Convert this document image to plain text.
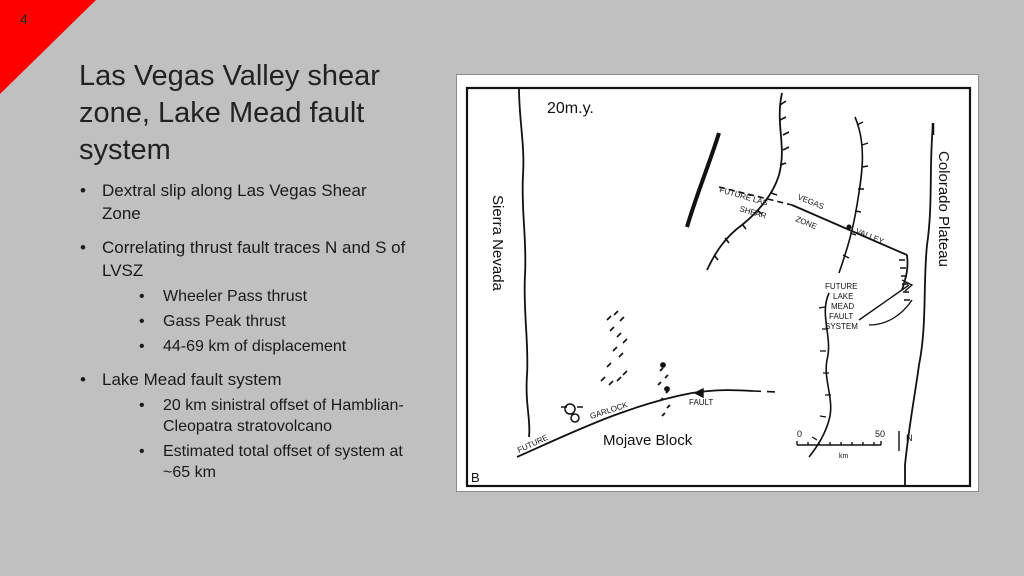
4
Las Vegas Valley shear zone, Lake Mead fault system
• Dextral slip along Las Vegas Shear Zone
• Correlating thrust fault traces N and S of LVSZ
• Wheeler Pass thrust
• Gass Peak thrust
• 44-69 km of displacement
• Lake Mead fault system
• 20 km sinistral offset of Hamblian-Cleopatra stratovolcano
• Estimated total offset of system at ~65 km
20m.y.
Sierra Nevada	Colorado Plateau
FUTURE LAS
SHEAR
VEGAS
ZONE
VALLEY
FUTURE
LAKE
MEAD
FAULT
SYSTEM
FUTURE
GARLOCK	FAULT
Mojave Block	0	50
km
N
B
